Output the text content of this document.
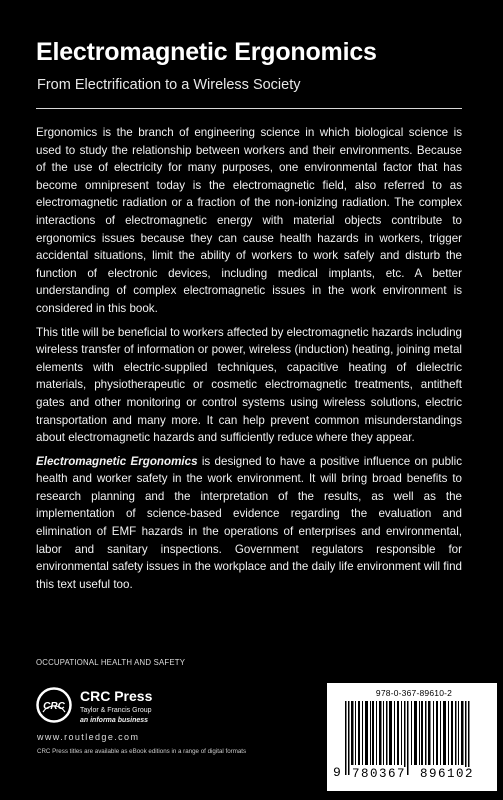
Electromagnetic Ergonomics
From Electrification to a Wireless Society

Ergonomics is the branch of engineering science in which biological science is used to study the relationship between workers and their environments. Because of the use of electricity for many purposes, one environmental factor that has become omnipresent today is the electromagnetic field, also referred to as electromagnetic radiation or a fraction of the non-ionizing radiation. The complex interactions of electromagnetic energy with material objects contribute to ergonomics issues because they can cause health hazards in workers, trigger accidental situations, limit the ability of workers to work safely and disturb the function of electronic devices, including medical implants, etc. A better understanding of complex electromagnetic issues in the work environment is considered in this book.

This title will be beneficial to workers affected by electromagnetic hazards including wireless transfer of information or power, wireless (induction) heating, joining metal elements with electric-supplied techniques, capacitive heating of dielectric materials, physiotherapeutic or cosmetic electromagnetic treatments, antitheft gates and other monitoring or control systems using wireless solutions, electric transportation and many more. It can help prevent common misunderstandings about electromagnetic hazards and sufficiently reduce where they appear.

Electromagnetic Ergonomics is designed to have a positive influence on public health and worker safety in the work environment. It will bring broad benefits to research planning and the interpretation of the results, as well as the implementation of science-based evidence regarding the evaluation and elimination of EMF hazards in the operations of enterprises and environmental, labor and sanitary inspections. Government regulators responsible for environmental safety issues in the workplace and the daily life environment will find this text useful too.

OCCUPATIONAL HEALTH AND SAFETY
CRC
CRC Press
Taylor & Francis Group
an informa business
www.routledge.com
CRC Press titles are available as eBook editions in a range of digital formats
978-0-367-89610-2
9 780367 896102
